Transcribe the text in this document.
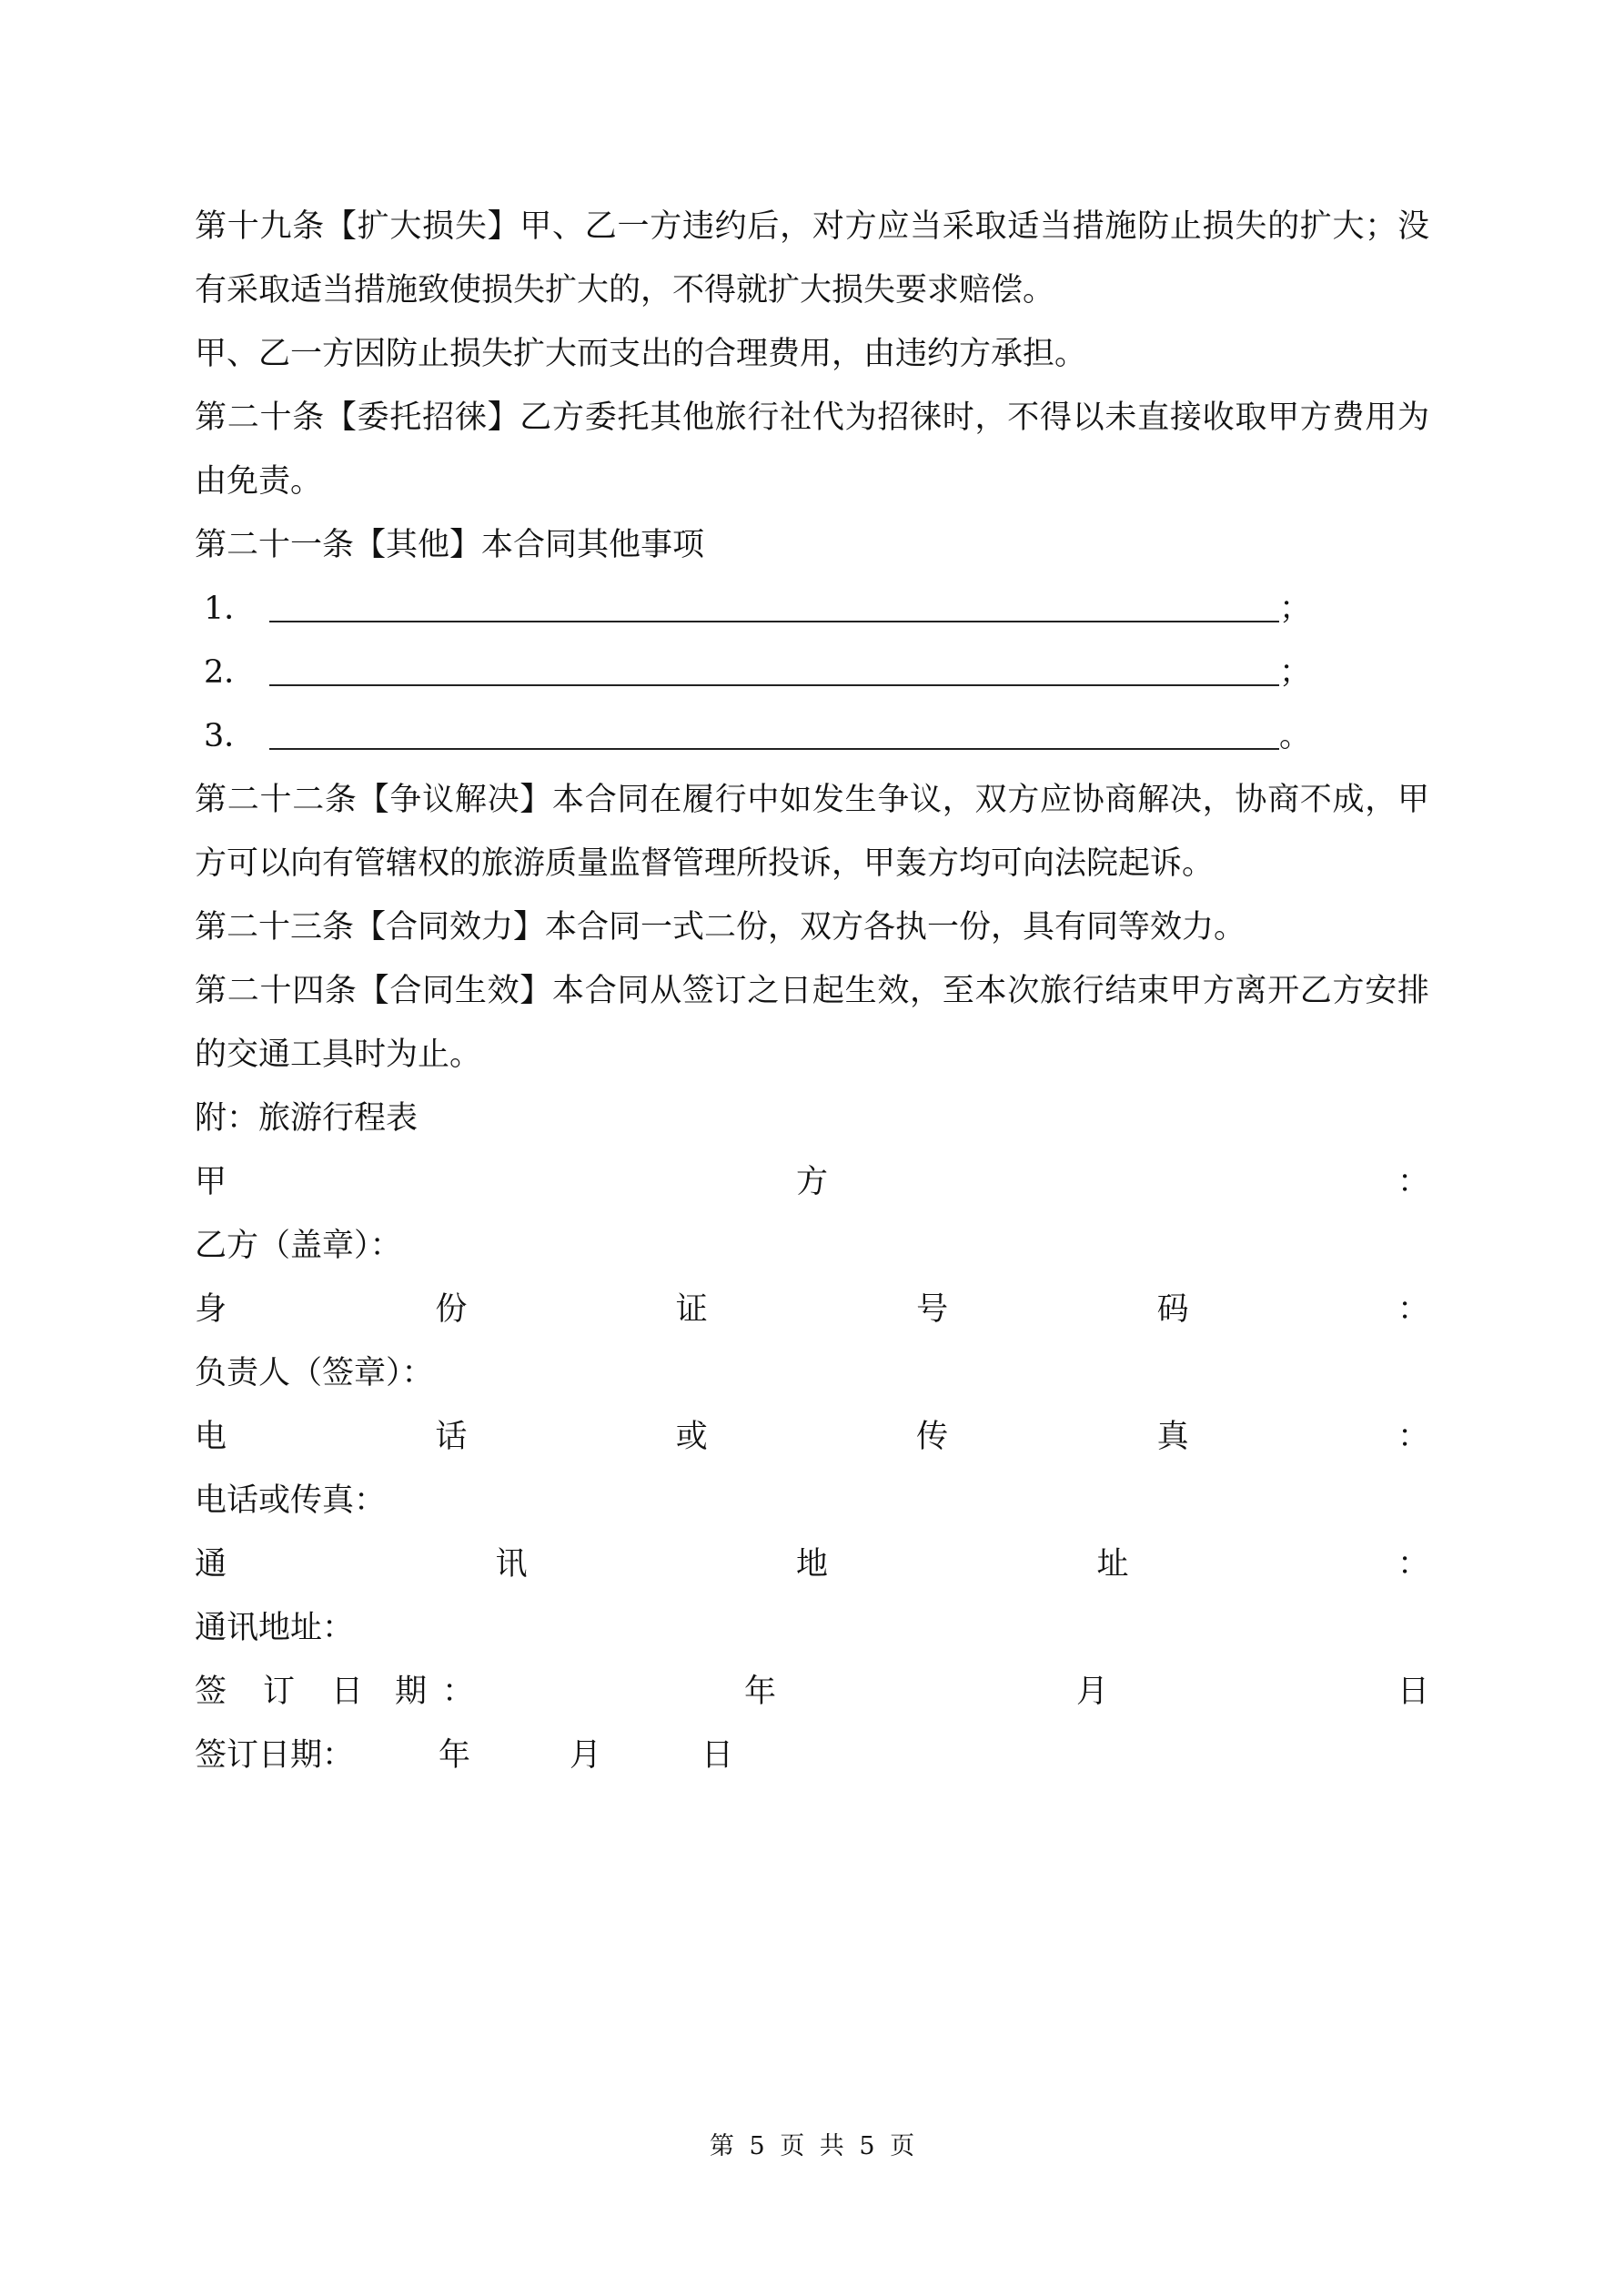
第十九条【扩大损失】甲、乙一方违约后，对方应当采取适当措施防止损失的扩大；没
有采取适当措施致使损失扩大的，不得就扩大损失要求赔偿。
甲、乙一方因防止损失扩大而支出的合理费用，由违约方承担。
第二十条【委托招徕】乙方委托其他旅行社代为招徕时，不得以未直接收取甲方费用为
由免责。
第二十一条【其他】本合同其他事项
1．	；
2．	；
3．	。
第二十二条【争议解决】本合同在履行中如发生争议，双方应协商解决，协商不成，甲
方可以向有管辖权的旅游质量监督管理所投诉，甲轰方均可向法院起诉。
第二十三条【合同效力】本合同一式二份，双方各执一份，具有同等效力。
第二十四条【合同生效】本合同从签订之日起生效，至本次旅行结束甲方离开乙方安排
的交通工具时为止。
附：旅游行程表
甲	方	：
乙方（盖章）：
身	份	证	号	码	：
负责人（签章）：
电	话	或	传	真	：
电话或传真：
通	讯	地	址	：
通讯地址：
签 订 日 期 ：	年	月	日
签订日期：	年	月	日
第 5 页 共 5 页
